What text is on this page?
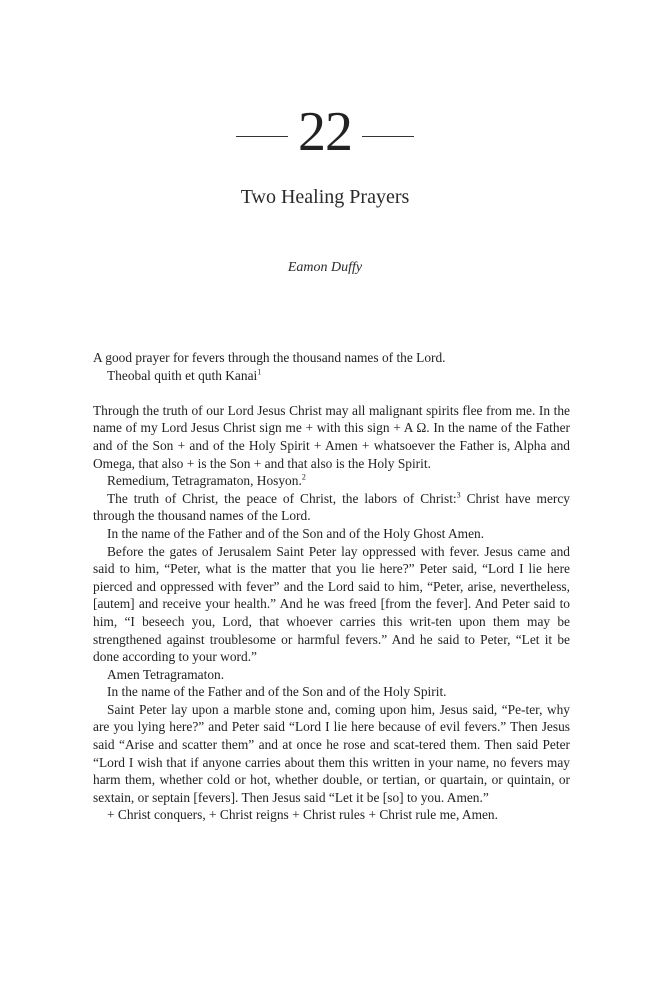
22
Two Healing Prayers
Eamon Duffy

A good prayer for fevers through the thousand names of the Lord.

Theobal quith et quth Kanai$^1$

Through the truth of our Lord Jesus Christ may all malignant spirits flee from me. In the name of my Lord Jesus Christ sign me + with this sign + A Ω. In the name of the Father and of the Son + and of the Holy Spirit + Amen + whatsoever the Father is, Alpha and Omega, that also + is the Son + and that also is the Holy Spirit.

Remedium, Tetragramaton, Hosyon.$^2$

The truth of Christ, the peace of Christ, the labors of Christ:$^3$ Christ have mercy through the thousand names of the Lord.

In the name of the Father and of the Son and of the Holy Ghost Amen.

Before the gates of Jerusalem Saint Peter lay oppressed with fever. Jesus came and said to him, “Peter, what is the matter that you lie here?” Peter said, “Lord I lie here pierced and oppressed with fever” and the Lord said to him, “Peter, arise, nevertheless, [autem] and receive your health.” And he was freed [from the fever]. And Peter said to him, “I beseech you, Lord, that whoever carries this writ-ten upon them may be strengthened against troublesome or harmful fevers.” And he said to Peter, “Let it be done according to your word.”

Amen Tetragramaton.

In the name of the Father and of the Son and of the Holy Spirit.

Saint Peter lay upon a marble stone and, coming upon him, Jesus said, “Pe-ter, why are you lying here?” and Peter said “Lord I lie here because of evil fevers.” Then Jesus said “Arise and scatter them” and at once he rose and scat-tered them. Then said Peter “Lord I wish that if anyone carries about them this written in your name, no fevers may harm them, whether cold or hot, whether double, or tertian, or quartain, or quintain, or sextain, or septain [fevers]. Then Jesus said “Let it be [so] to you. Amen.”

+ Christ conquers, + Christ reigns + Christ rules + Christ rule me, Amen.
